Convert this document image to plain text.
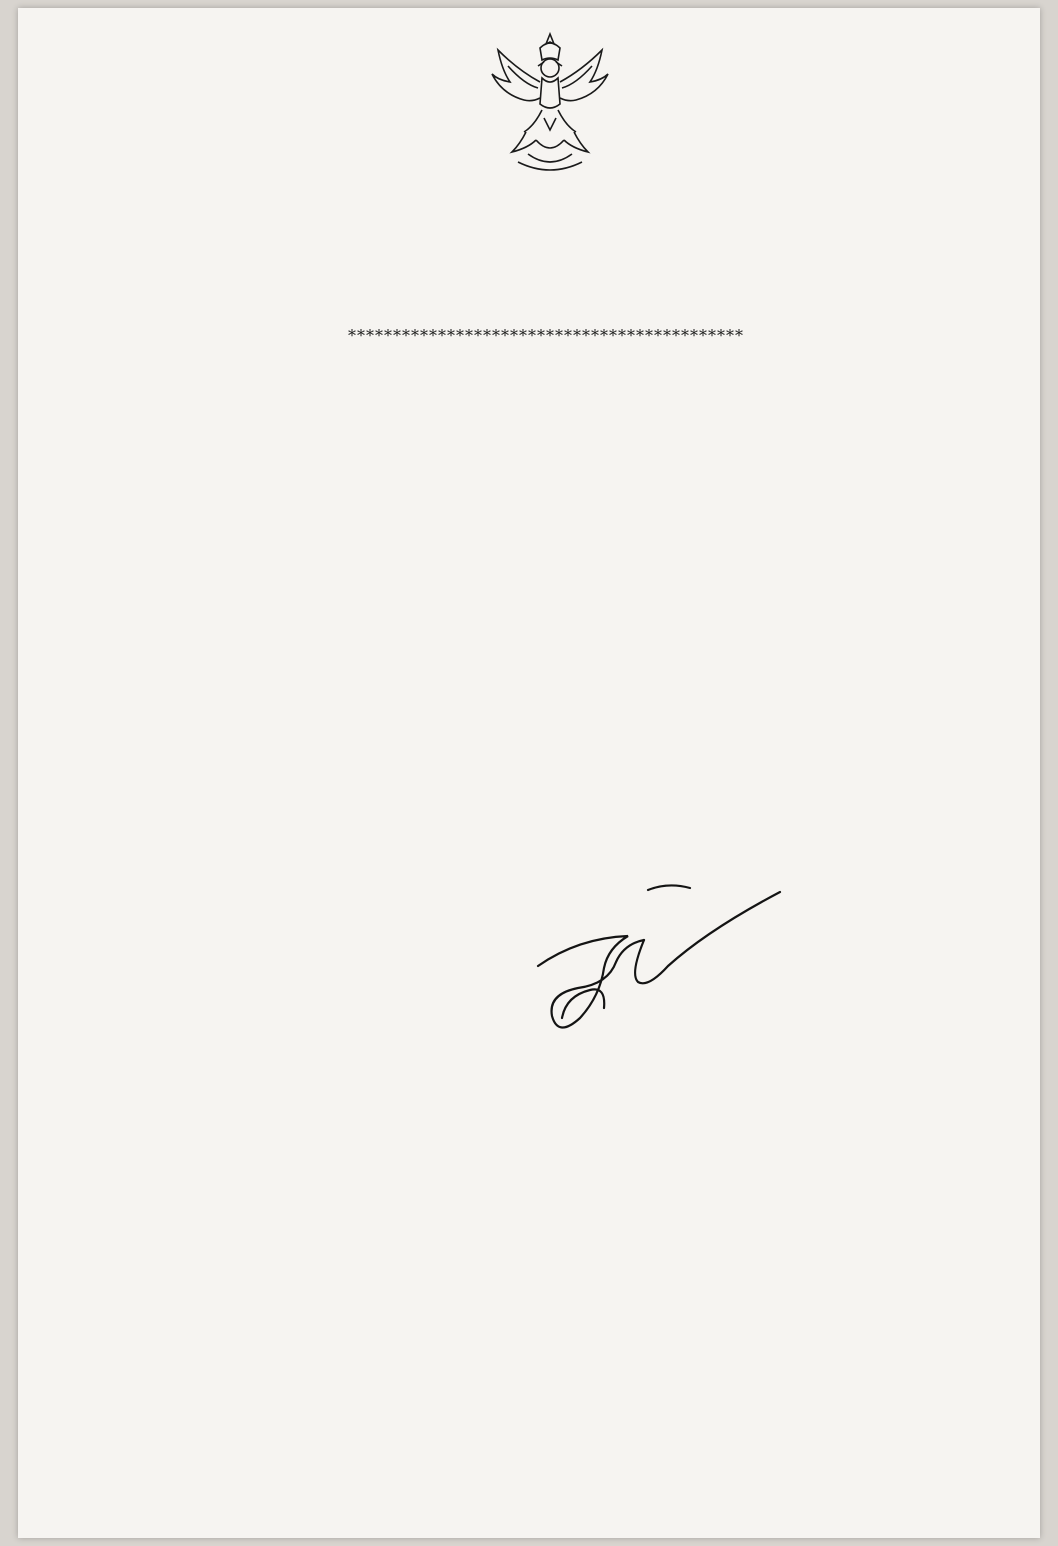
********************************************
